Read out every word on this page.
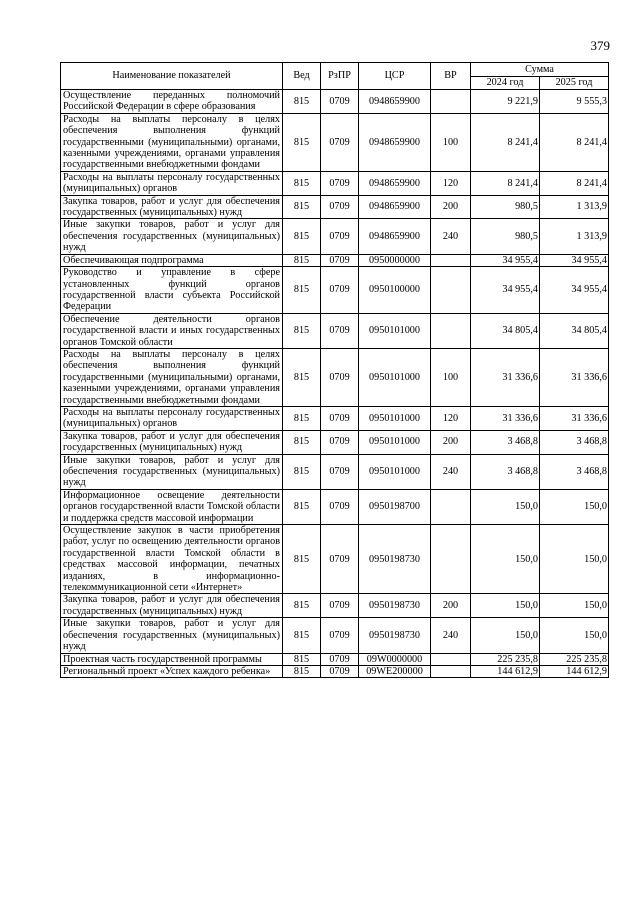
379
Наименование показателей	Вед	РзПР	ЦСР	ВР	Сумма	
					2024 год	2025 год
Осуществление переданных полномочий Российской Федерации в сфере образования	815	0709	0948659900		9 221,9	9 555,3
Расходы на выплаты персоналу в целях обеспечения выполнения функций государственными (муниципальными) органами, казенными учреждениями, органами управления государственными внебюджетными фондами	815	0709	0948659900	100	8 241,4	8 241,4
Расходы на выплаты персоналу государственных (муниципальных) органов	815	0709	0948659900	120	8 241,4	8 241,4
Закупка товаров, работ и услуг для обеспечения государственных (муниципальных) нужд	815	0709	0948659900	200	980,5	1 313,9
Иные закупки товаров, работ и услуг для обеспечения государственных (муниципальных) нужд	815	0709	0948659900	240	980,5	1 313,9
Обеспечивающая подпрограмма	815	0709	0950000000		34 955,4	34 955,4
Руководство и управление в сфере установленных функций органов государственной власти субъекта Российской Федерации	815	0709	0950100000		34 955,4	34 955,4
Обеспечение деятельности органов государственной власти и иных государственных органов Томской области	815	0709	0950101000		34 805,4	34 805,4
Расходы на выплаты персоналу в целях обеспечения выполнения функций государственными (муниципальными) органами, казенными учреждениями, органами управления государственными внебюджетными фондами	815	0709	0950101000	100	31 336,6	31 336,6
Расходы на выплаты персоналу государственных (муниципальных) органов	815	0709	0950101000	120	31 336,6	31 336,6
Закупка товаров, работ и услуг для обеспечения государственных (муниципальных) нужд	815	0709	0950101000	200	3 468,8	3 468,8
Иные закупки товаров, работ и услуг для обеспечения государственных (муниципальных) нужд	815	0709	0950101000	240	3 468,8	3 468,8
Информационное освещение деятельности органов государственной власти Томской области и поддержка средств массовой информации	815	0709	0950198700		150,0	150,0
Осуществление закупок в части приобретения работ, услуг по освещению деятельности органов государственной власти Томской области в средствах массовой информации, печатных изданиях, в информационно-телекоммуникационной сети «Интернет»	815	0709	0950198730		150,0	150,0
Закупка товаров, работ и услуг для обеспечения государственных (муниципальных) нужд	815	0709	0950198730	200	150,0	150,0
Иные закупки товаров, работ и услуг для обеспечения государственных (муниципальных) нужд	815	0709	0950198730	240	150,0	150,0
Проектная часть государственной программы	815	0709	09W0000000		225 235,8	225 235,8
Региональный проект «Успех каждого ребенка»	815	0709	09WE200000		144 612,9	144 612,9
